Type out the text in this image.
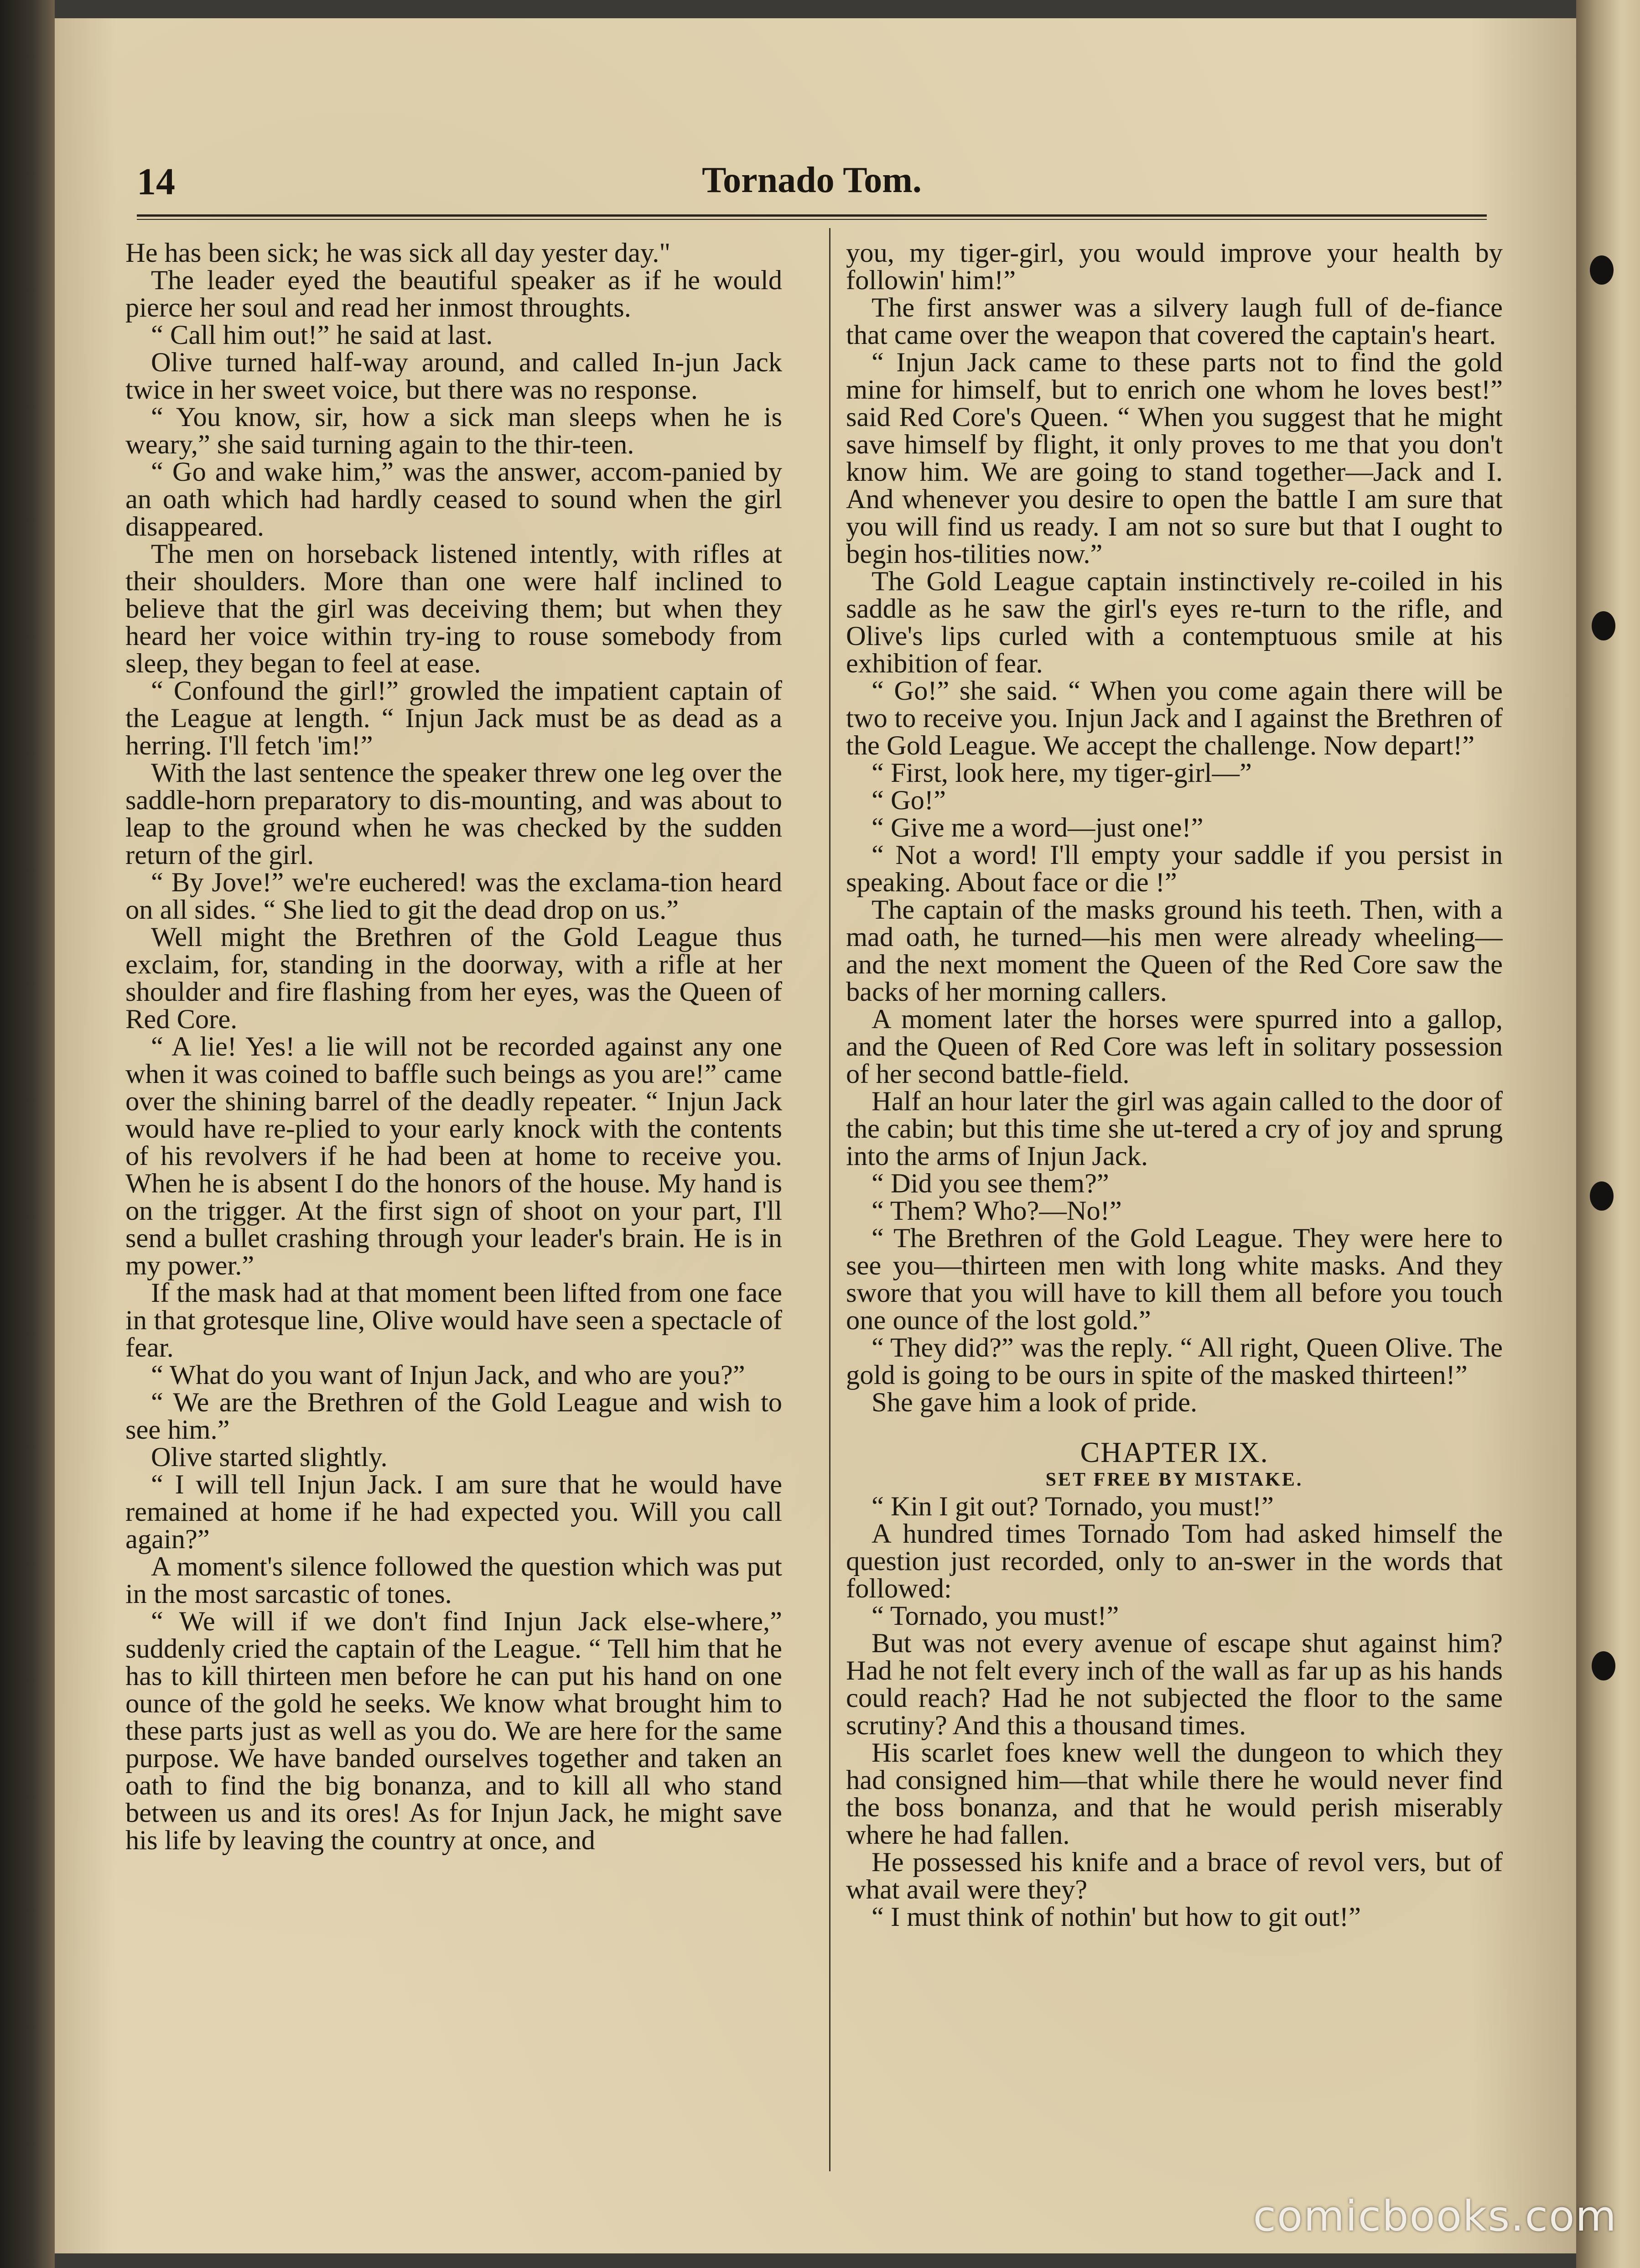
14	Tornado Tom.

He has been sick; he was sick all day yester day."

The leader eyed the beautiful speaker as if he would pierce her soul and read her inmost throughts.

“ Call him out!” he said at last.

Olive turned half-way around, and called In-jun Jack twice in her sweet voice, but there was no response.

“ You know, sir, how a sick man sleeps when he is weary,” she said turning again to the thir-teen.

“ Go and wake him,” was the answer, accom-panied by an oath which had hardly ceased to sound when the girl disappeared.

The men on horseback listened intently, with rifles at their shoulders. More than one were half inclined to believe that the girl was deceiving them; but when they heard her voice within try-ing to rouse somebody from sleep, they began to feel at ease.

“ Confound the girl!” growled the impatient captain of the League at length. “ Injun Jack must be as dead as a herring. I'll fetch 'im!”

With the last sentence the speaker threw one leg over the saddle-horn preparatory to dis-mounting, and was about to leap to the ground when he was checked by the sudden return of the girl.

“ By Jove!” we're euchered! was the exclama-tion heard on all sides. “ She lied to git the dead drop on us.”

Well might the Brethren of the Gold League thus exclaim, for, standing in the doorway, with a rifle at her shoulder and fire flashing from her eyes, was the Queen of Red Core.

“ A lie! Yes! a lie will not be recorded against any one when it was coined to baffle such beings as you are!” came over the shining barrel of the deadly repeater. “ Injun Jack would have re-plied to your early knock with the contents of his revolvers if he had been at home to receive you. When he is absent I do the honors of the house. My hand is on the trigger. At the first sign of shoot on your part, I'll send a bullet crashing through your leader's brain. He is in my power.”

If the mask had at that moment been lifted from one face in that grotesque line, Olive would have seen a spectacle of fear.

“ What do you want of Injun Jack, and who are you?”

“ We are the Brethren of the Gold League and wish to see him.”

Olive started slightly.

“ I will tell Injun Jack. I am sure that he would have remained at home if he had expected you. Will you call again?”

A moment's silence followed the question which was put in the most sarcastic of tones.

“ We will if we don't find Injun Jack else-where,” suddenly cried the captain of the League. “ Tell him that he has to kill thirteen men before he can put his hand on one ounce of the gold he seeks. We know what brought him to these parts just as well as you do. We are here for the same purpose. We have banded ourselves together and taken an oath to find the big bonanza, and to kill all who stand between us and its ores! As for Injun Jack, he might save his life by leaving the country at once, and

you, my tiger-girl, you would improve your health by followin' him!”

The first answer was a silvery laugh full of de-fiance that came over the weapon that covered the captain's heart.

“ Injun Jack came to these parts not to find the gold mine for himself, but to enrich one whom he loves best!” said Red Core's Queen. “ When you suggest that he might save himself by flight, it only proves to me that you don't know him. We are going to stand together—Jack and I. And whenever you desire to open the battle I am sure that you will find us ready. I am not so sure but that I ought to begin hos-tilities now.”

The Gold League captain instinctively re-coiled in his saddle as he saw the girl's eyes re-turn to the rifle, and Olive's lips curled with a contemptuous smile at his exhibition of fear.

“ Go!” she said. “ When you come again there will be two to receive you. Injun Jack and I against the Brethren of the Gold League. We accept the challenge. Now depart!”

“ First, look here, my tiger-girl—”

“ Go!”

“ Give me a word—just one!”

“ Not a word! I'll empty your saddle if you persist in speaking. About face or die !”

The captain of the masks ground his teeth. Then, with a mad oath, he turned—his men were already wheeling—and the next moment the Queen of the Red Core saw the backs of her morning callers.

A moment later the horses were spurred into a gallop, and the Queen of Red Core was left in solitary possession of her second battle-field.

Half an hour later the girl was again called to the door of the cabin; but this time she ut-tered a cry of joy and sprung into the arms of Injun Jack.

“ Did you see them?”

“ Them? Who?—No!”

“ The Brethren of the Gold League. They were here to see you—thirteen men with long white masks. And they swore that you will have to kill them all before you touch one ounce of the lost gold.”

“ They did?” was the reply. “ All right, Queen Olive. The gold is going to be ours in spite of the masked thirteen!”

She gave him a look of pride.

CHAPTER IX.
SET FREE BY MISTAKE.

“ Kin I git out? Tornado, you must!”

A hundred times Tornado Tom had asked himself the question just recorded, only to an-swer in the words that followed:

“ Tornado, you must!”

But was not every avenue of escape shut against him? Had he not felt every inch of the wall as far up as his hands could reach? Had he not subjected the floor to the same scrutiny? And this a thousand times.

His scarlet foes knew well the dungeon to which they had consigned him—that while there he would never find the boss bonanza, and that he would perish miserably where he had fallen.

He possessed his knife and a brace of revol vers, but of what avail were they?

“ I must think of nothin' but how to git out!”

comicbooks.com
